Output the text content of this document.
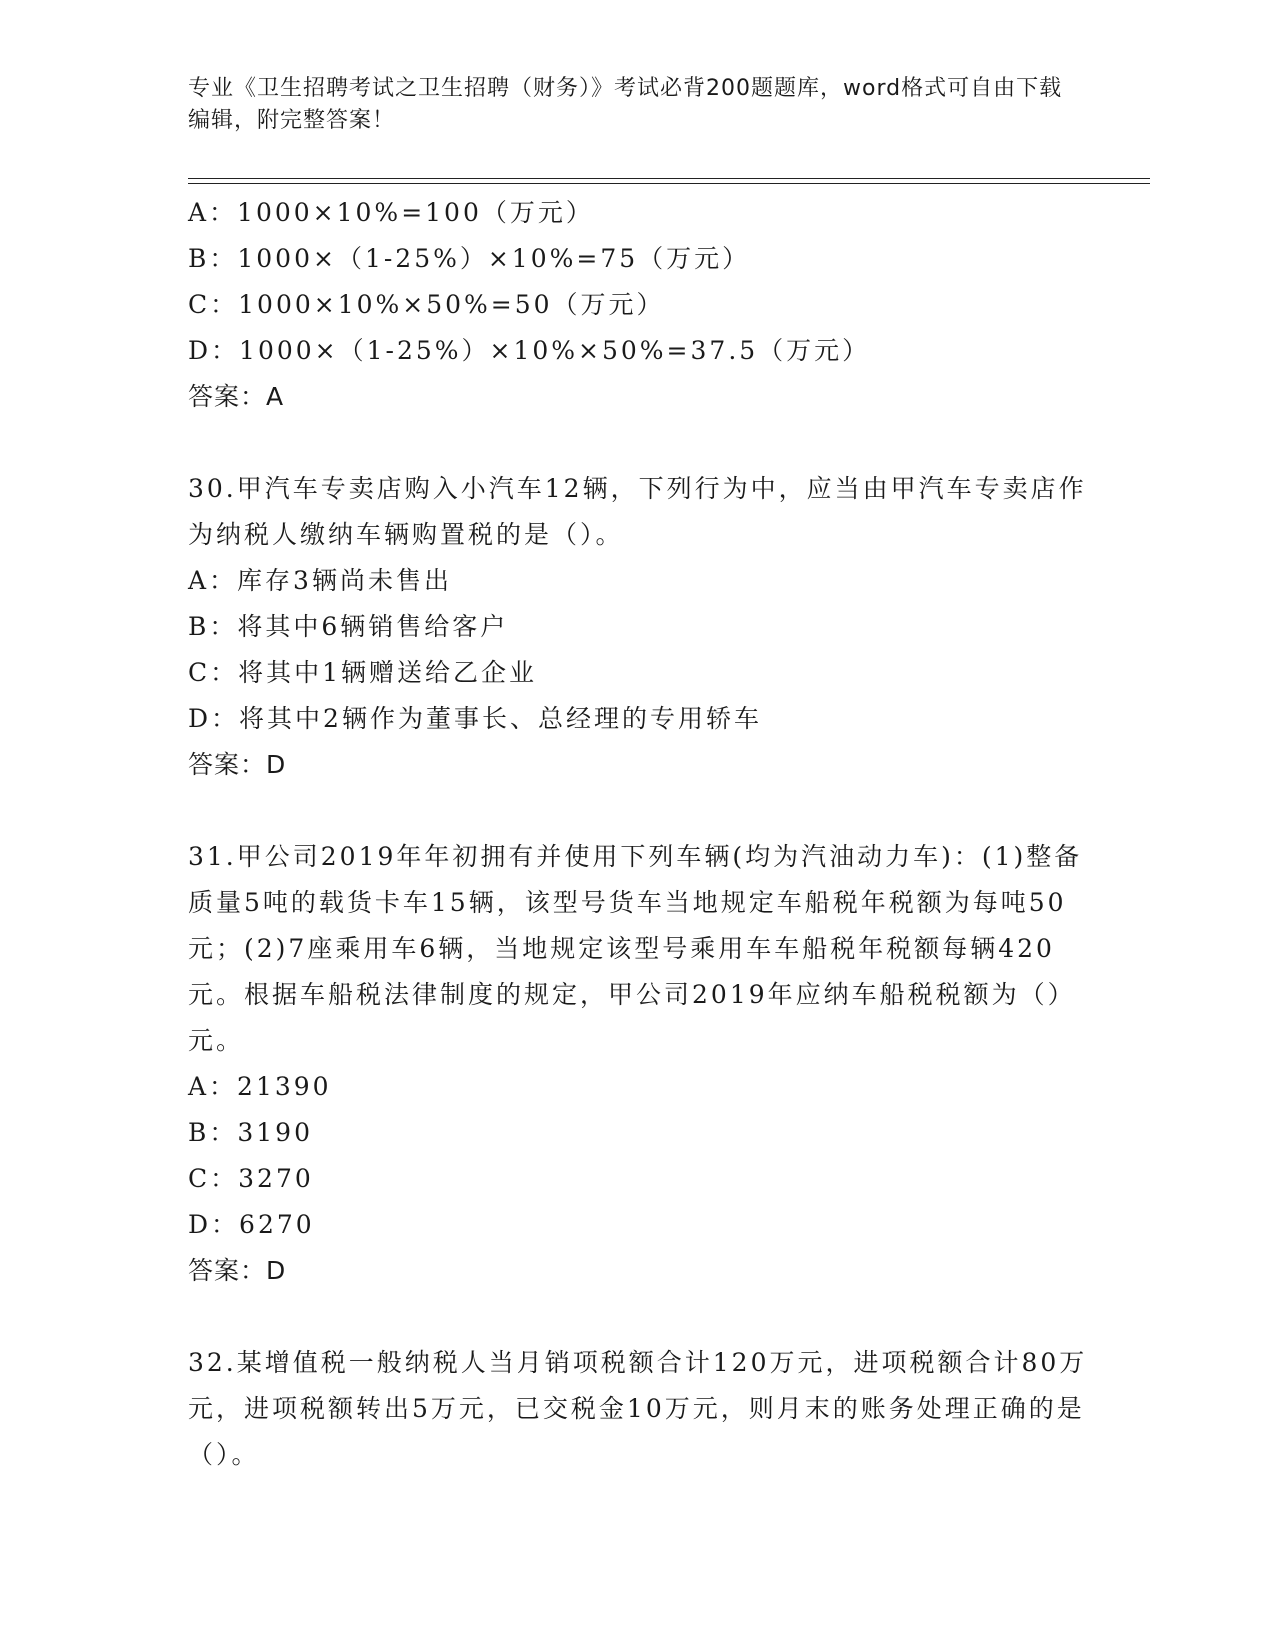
专业《卫生招聘考试之卫生招聘（财务）》考试必背200题题库，word格式可自由下载编辑，附完整答案！
A：1000×10%=100（万元）
B：1000×（1-25%）×10%=75（万元）
C：1000×10%×50%=50（万元）
D：1000×（1-25%）×10%×50%=37.5（万元）
答案：A
30.甲汽车专卖店购入小汽车12辆，下列行为中，应当由甲汽车专卖店作为纳税人缴纳车辆购置税的是（）。
A：库存3辆尚未售出
B：将其中6辆销售给客户
C：将其中1辆赠送给乙企业
D：将其中2辆作为董事长、总经理的专用轿车
答案：D
31.甲公司2019年年初拥有并使用下列车辆(均为汽油动力车)：(1)整备质量5吨的载货卡车15辆，该型号货车当地规定车船税年税额为每吨50元；(2)7座乘用车6辆，当地规定该型号乘用车车船税年税额每辆420元。根据车船税法律制度的规定，甲公司2019年应纳车船税税额为（）元。
A：21390
B：3190
C：3270
D：6270
答案：D
32.某增值税一般纳税人当月销项税额合计120万元，进项税额合计80万元，进项税额转出5万元，已交税金10万元，则月末的账务处理正确的是（）。
